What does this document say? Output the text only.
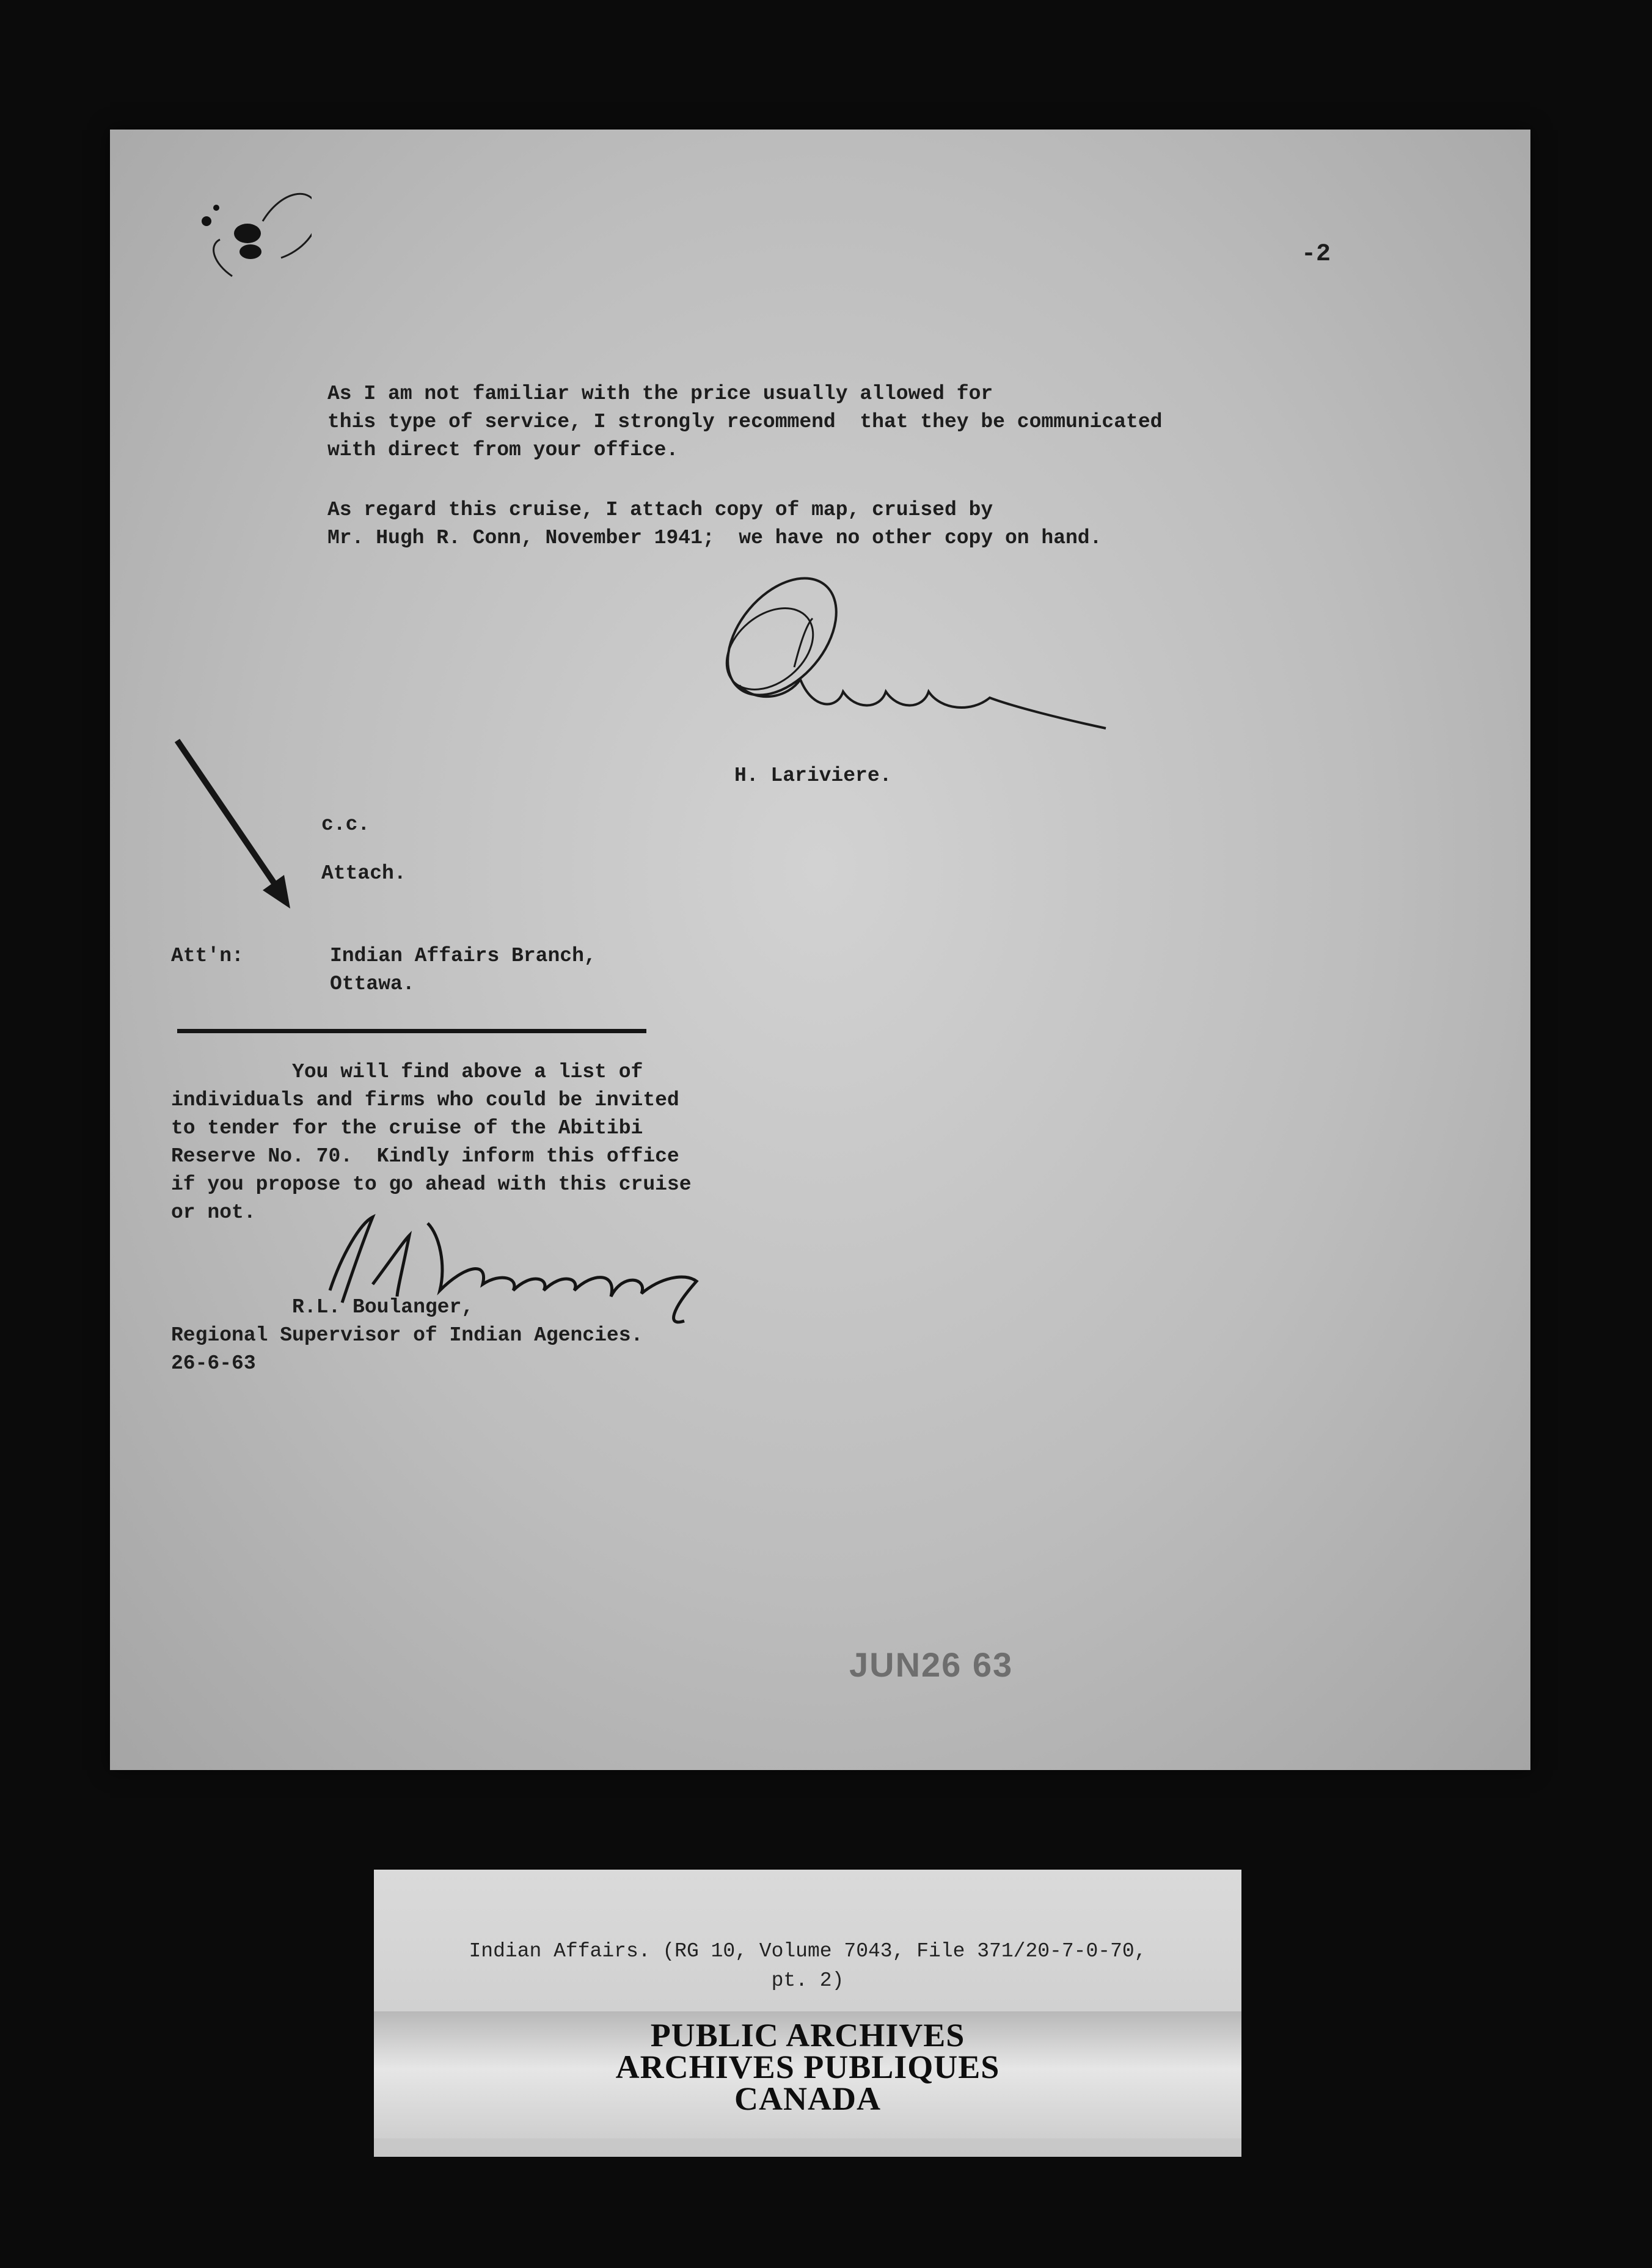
-2
As I am not familiar with the price usually allowed for
this type of service, I strongly recommend  that they be communicated
with direct from your office.
As regard this cruise, I attach copy of map, cruised by
Mr. Hugh R. Conn, November 1941;  we have no other copy on hand.
H. Lariviere.
c.c.
Attach.
Att'n:	Indian Affairs Branch,
Ottawa.
You will find above a list of
individuals and firms who could be invited
to tender for the cruise of the Abitibi
Reserve No. 70.  Kindly inform this office
if you propose to go ahead with this cruise
or not.
R.L. Boulanger,
Regional Supervisor of Indian Agencies.
26-6-63
JUN26 63
Indian Affairs. (RG 10, Volume 7043, File 371/20-7-0-70,
pt. 2)
PUBLIC ARCHIVES
ARCHIVES PUBLIQUES
CANADA
